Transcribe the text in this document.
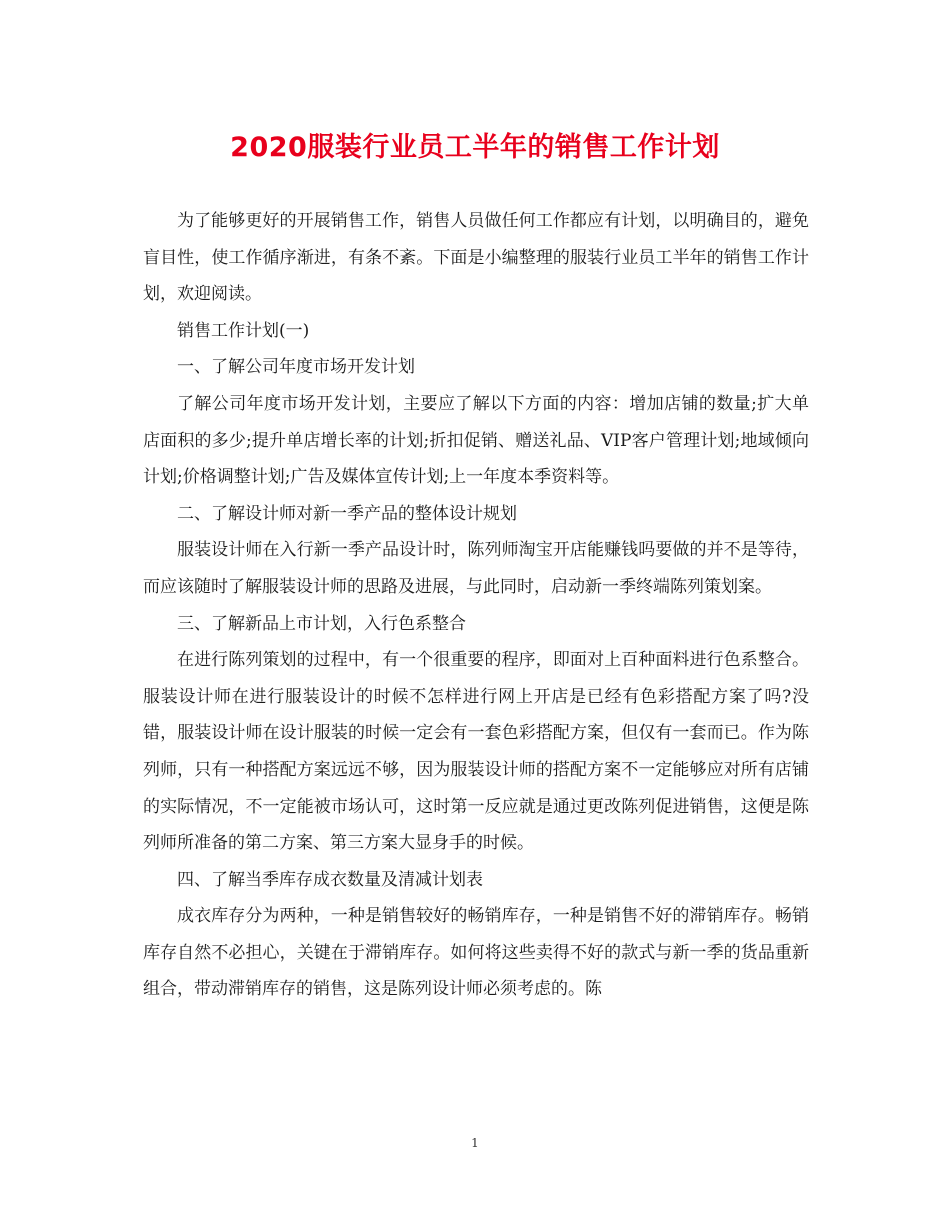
2020服装行业员工半年的销售工作计划

为了能够更好的开展销售工作，销售人员做任何工作都应有计划，以明确目的，避免盲目性，使工作循序渐进，有条不紊。下面是小编整理的服装行业员工半年的销售工作计划，欢迎阅读。

销售工作计划(一)

一、了解公司年度市场开发计划

了解公司年度市场开发计划，主要应了解以下方面的内容：增加店铺的数量;扩大单店面积的多少;提升单店增长率的计划;折扣促销、赠送礼品、VIP客户管理计划;地域倾向计划;价格调整计划;广告及媒体宣传计划;上一年度本季资料等。

二、了解设计师对新一季产品的整体设计规划

服装设计师在入行新一季产品设计时，陈列师淘宝开店能赚钱吗要做的并不是等待，而应该随时了解服装设计师的思路及进展，与此同时，启动新一季终端陈列策划案。

三、了解新品上市计划，入行色系整合

在进行陈列策划的过程中，有一个很重要的程序，即面对上百种面料进行色系整合。服装设计师在进行服装设计的时候不怎样进行网上开店是已经有色彩搭配方案了吗?没错，服装设计师在设计服装的时候一定会有一套色彩搭配方案，但仅有一套而已。作为陈列师，只有一种搭配方案远远不够，因为服装设计师的搭配方案不一定能够应对所有店铺的实际情况，不一定能被市场认可，这时第一反应就是通过更改陈列促进销售，这便是陈列师所准备的第二方案、第三方案大显身手的时候。

四、了解当季库存成衣数量及清减计划表

成衣库存分为两种，一种是销售较好的畅销库存，一种是销售不好的滞销库存。畅销库存自然不必担心，关键在于滞销库存。如何将这些卖得不好的款式与新一季的货品重新组合，带动滞销库存的销售，这是陈列设计师必须考虑的。陈

1
